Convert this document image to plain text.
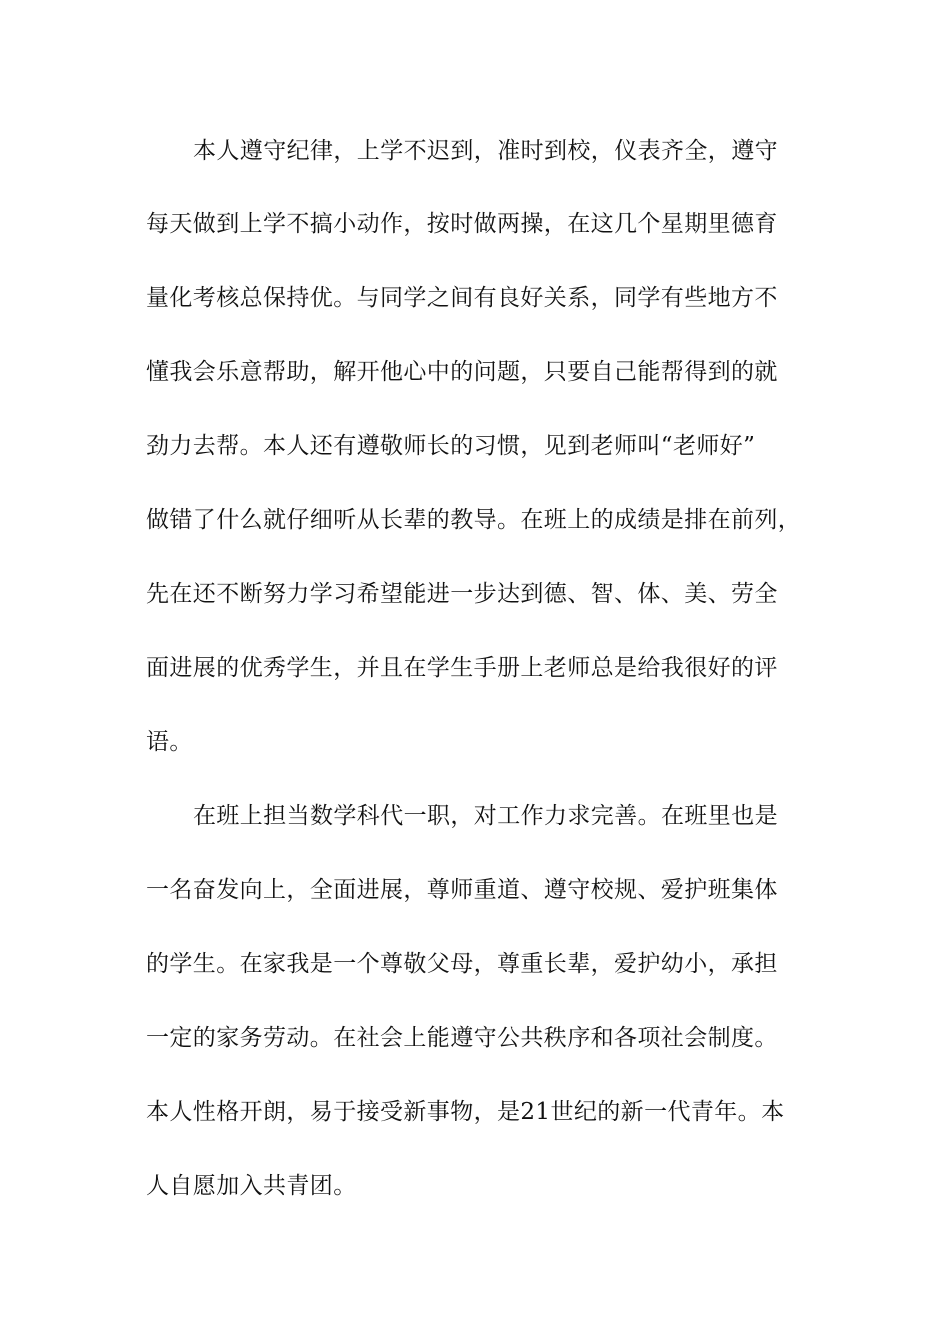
本人遵守纪律，上学不迟到，准时到校，仪表齐全，遵守
每天做到上学不搞小动作，按时做两操，在这几个星期里德育
量化考核总保持优。与同学之间有良好关系，同学有些地方不
懂我会乐意帮助，解开他心中的问题，只要自己能帮得到的就
劲力去帮。本人还有遵敬师长的习惯，见到老师叫“老师好”
做错了什么就仔细听从长辈的教导。在班上的成绩是排在前列，
先在还不断努力学习希望能进一步达到德、智、体、美、劳全
面进展的优秀学生，并且在学生手册上老师总是给我很好的评
语。
在班上担当数学科代一职，对工作力求完善。在班里也是
一名奋发向上，全面进展，尊师重道、遵守校规、爱护班集体
的学生。在家我是一个尊敬父母，尊重长辈，爱护幼小，承担
一定的家务劳动。在社会上能遵守公共秩序和各项社会制度。
本人性格开朗，易于接受新事物，是21世纪的新一代青年。本
人自愿加入共青团。
